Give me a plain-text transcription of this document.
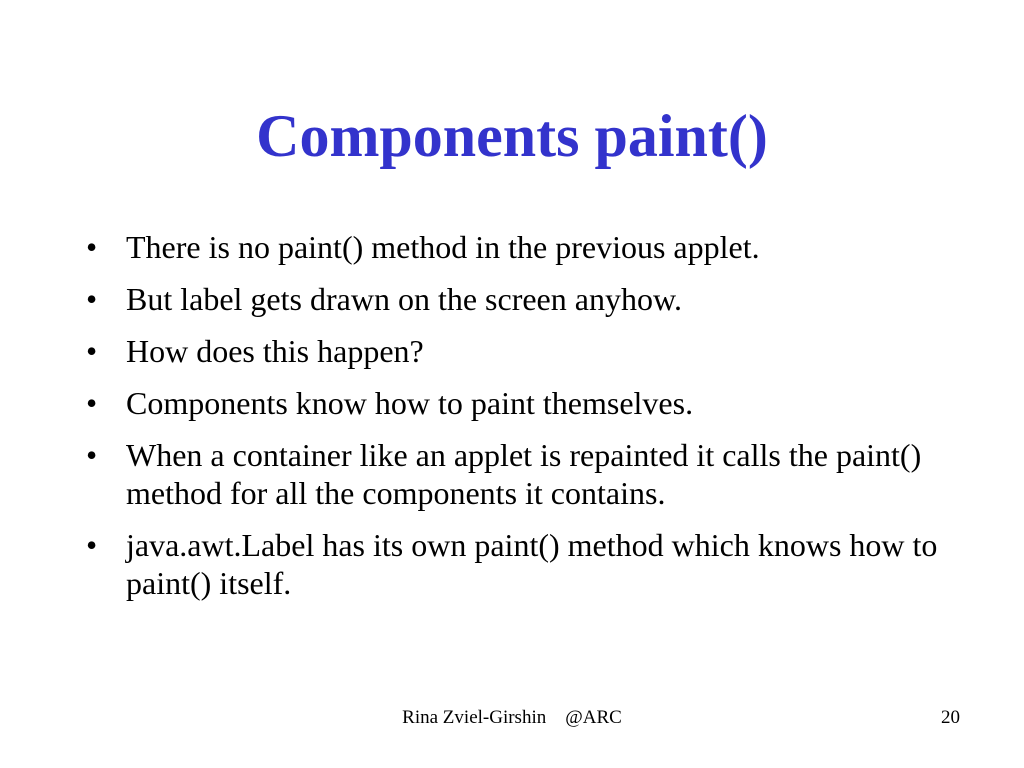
Components paint()
• There is no paint() method in the previous applet.
• But label gets drawn on the screen anyhow.
• How does this happen?
• Components know how to paint themselves.
• When a container like an applet is repainted it calls the paint() method for all the components it contains.
• java.awt.Label has its own paint() method which knows how to paint() itself.
Rina Zviel-Girshin @ARC	20
